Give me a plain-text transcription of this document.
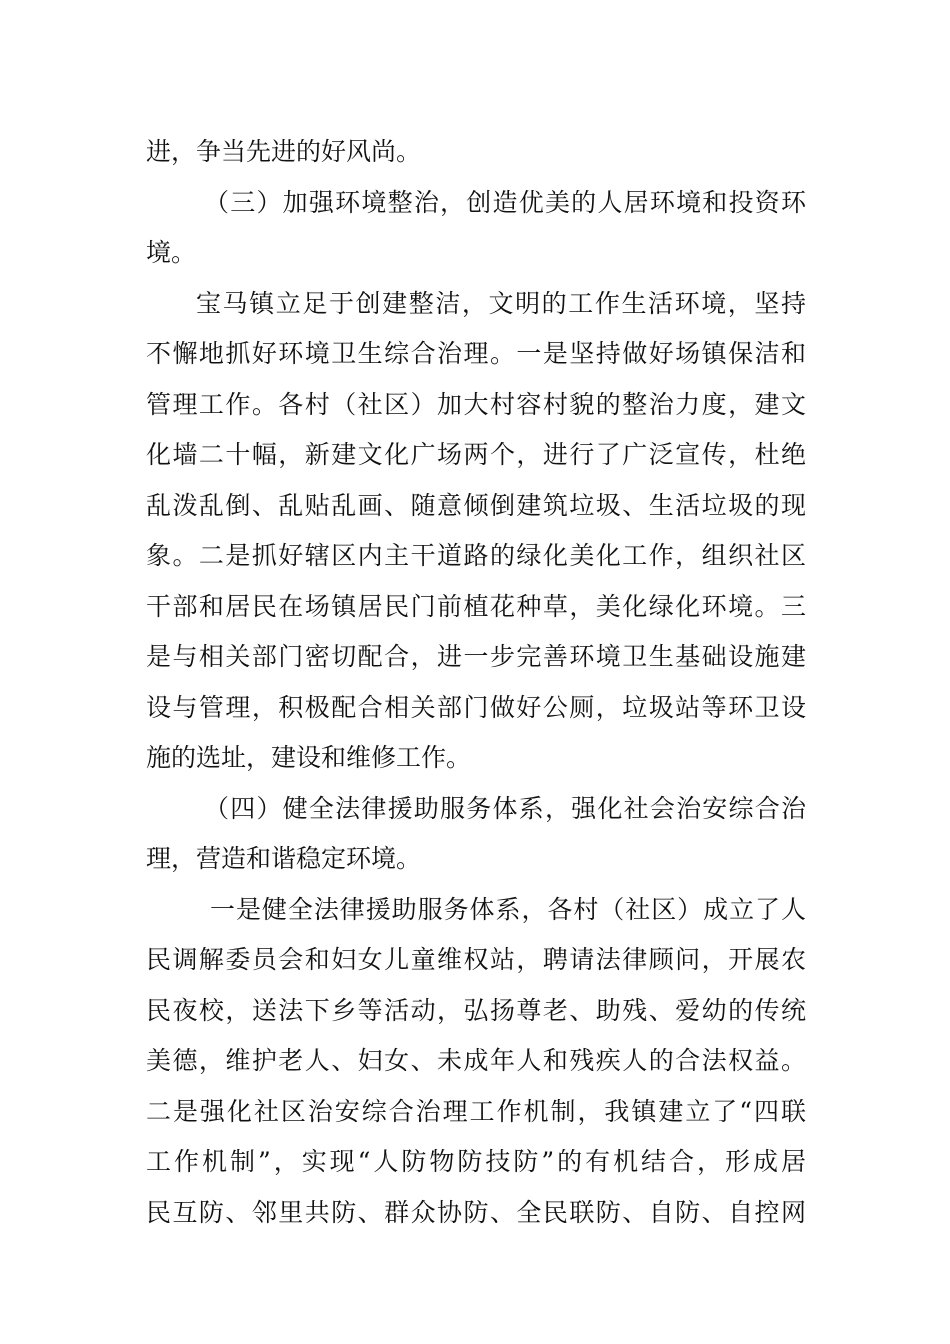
进，争当先进的好风尚。
（三）加强环境整治，创造优美的人居环境和投资环
境。
宝马镇立足于创建整洁，文明的工作生活环境，坚持
不懈地抓好环境卫生综合治理。一是坚持做好场镇保洁和
管理工作。各村（社区）加大村容村貌的整治力度，建文
化墙二十幅，新建文化广场两个，进行了广泛宣传，杜绝
乱泼乱倒、乱贴乱画、随意倾倒建筑垃圾、生活垃圾的现
象。二是抓好辖区内主干道路的绿化美化工作，组织社区
干部和居民在场镇居民门前植花种草，美化绿化环境。三
是与相关部门密切配合，进一步完善环境卫生基础设施建
设与管理，积极配合相关部门做好公厕，垃圾站等环卫设
施的选址，建设和维修工作。
（四）健全法律援助服务体系，强化社会治安综合治
理，营造和谐稳定环境。
一是健全法律援助服务体系，各村（社区）成立了人
民调解委员会和妇女儿童维权站，聘请法律顾问，开展农
民夜校，送法下乡等活动，弘扬尊老、助残、爱幼的传统
美德，维护老人、妇女、未成年人和残疾人的合法权益。
二是强化社区治安综合治理工作机制，我镇建立了“四联
工作机制”，实现“人防物防技防”的有机结合，形成居
民互防、邻里共防、群众协防、全民联防、自防、自控网
